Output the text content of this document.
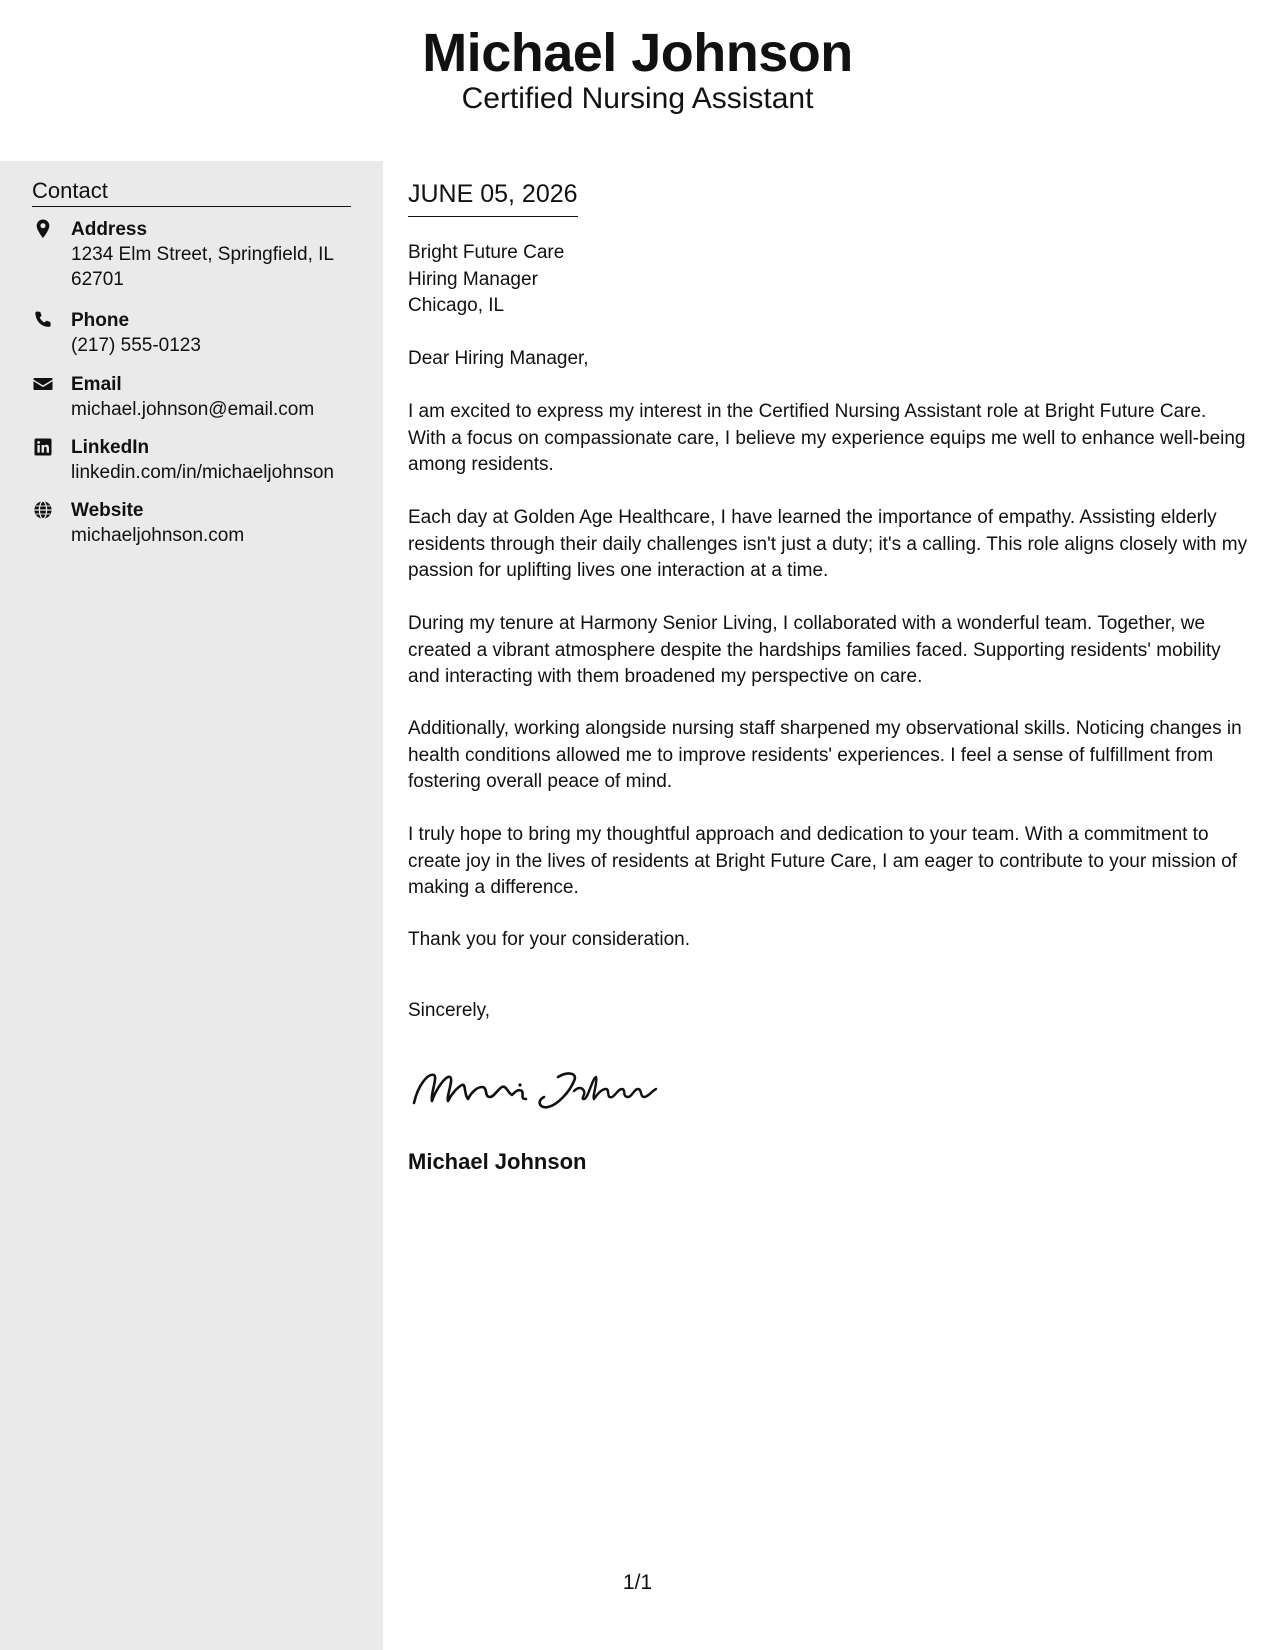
Michael Johnson
Certified Nursing Assistant
Contact
Address
1234 Elm Street, Springfield, IL 62701
Phone
(217) 555-0123
Email
michael.johnson@email.com
LinkedIn
linkedin.com/in/michaeljohnson
Website
michaeljohnson.com
JUNE 05, 2026
Bright Future Care
Hiring Manager
Chicago, IL
Dear Hiring Manager,
I am excited to express my interest in the Certified Nursing Assistant role at Bright Future Care. With a focus on compassionate care, I believe my experience equips me well to enhance well-being among residents.
Each day at Golden Age Healthcare, I have learned the importance of empathy. Assisting elderly residents through their daily challenges isn't just a duty; it's a calling. This role aligns closely with my passion for uplifting lives one interaction at a time.
During my tenure at Harmony Senior Living, I collaborated with a wonderful team. Together, we created a vibrant atmosphere despite the hardships families faced. Supporting residents' mobility and interacting with them broadened my perspective on care.
Additionally, working alongside nursing staff sharpened my observational skills. Noticing changes in health conditions allowed me to improve residents' experiences. I feel a sense of fulfillment from fostering overall peace of mind.
I truly hope to bring my thoughtful approach and dedication to your team. With a commitment to create joy in the lives of residents at Bright Future Care, I am eager to contribute to your mission of making a difference.
Thank you for your consideration.
Sincerely,
Michael Johnson
1/1
